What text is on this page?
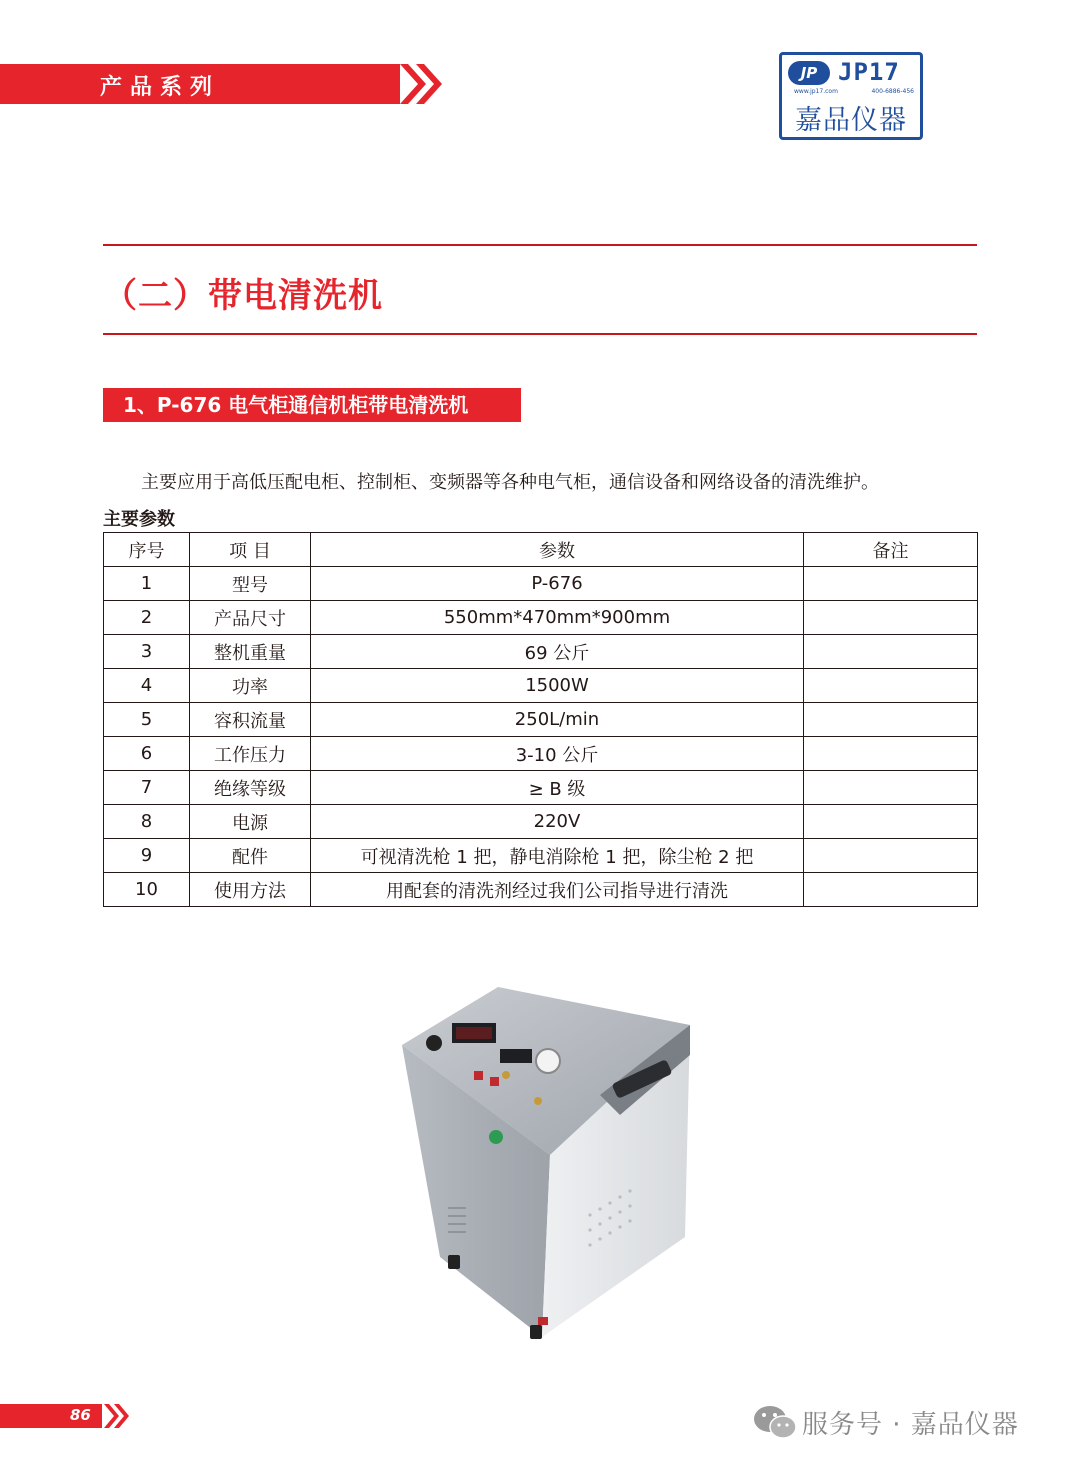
产品系列
JP JP17
www.jp17.com	400-6886-456
嘉品仪器
（二）带电清洗机
1、P-676 电气柜通信机柜带电清洗机
主要应用于高低压配电柜、控制柜、变频器等各种电气柜，通信设备和网络设备的清洗维护。
主要参数
序号	项 目	参数	备注
1	型号	P-676	
2	产品尺寸	550mm*470mm*900mm	
3	整机重量	69 公斤	
4	功率	1500W	
5	容积流量	250L/min	
6	工作压力	3-10 公斤	
7	绝缘等级	≥ B 级	
8	电源	220V	
9	配件	可视清洗枪 1 把，静电消除枪 1 把，除尘枪 2 把	
10	使用方法	用配套的清洗剂经过我们公司指导进行清洗	
86	服务号 · 嘉品仪器
